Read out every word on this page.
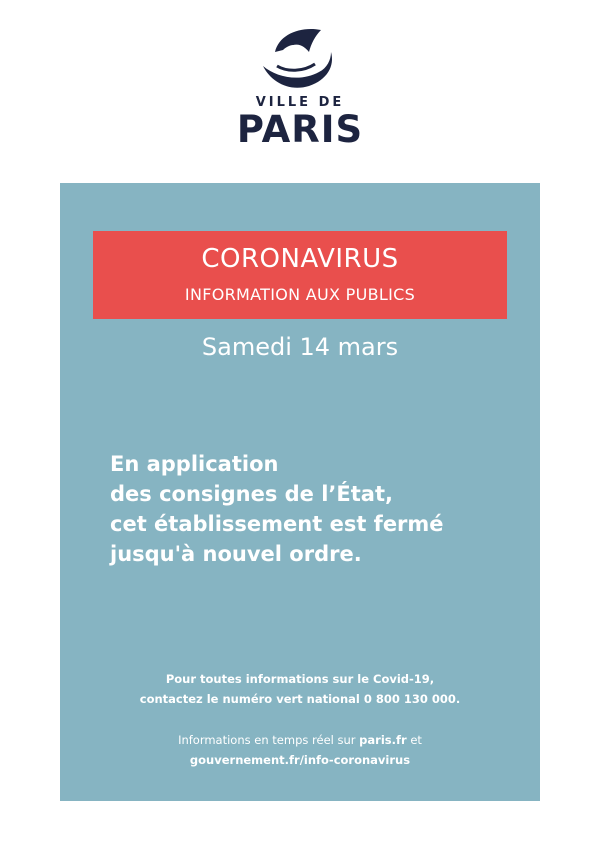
VILLE DE
PARIS
CORONAVIRUS
INFORMATION AUX PUBLICS
Samedi 14 mars
En application
des consignes de l’État,
cet établissement est fermé
jusqu'à nouvel ordre.
Pour toutes informations sur le Covid-19,
contactez le numéro vert national 0 800 130 000.
Informations en temps réel sur paris.fr et
gouvernement.fr/info-coronavirus
